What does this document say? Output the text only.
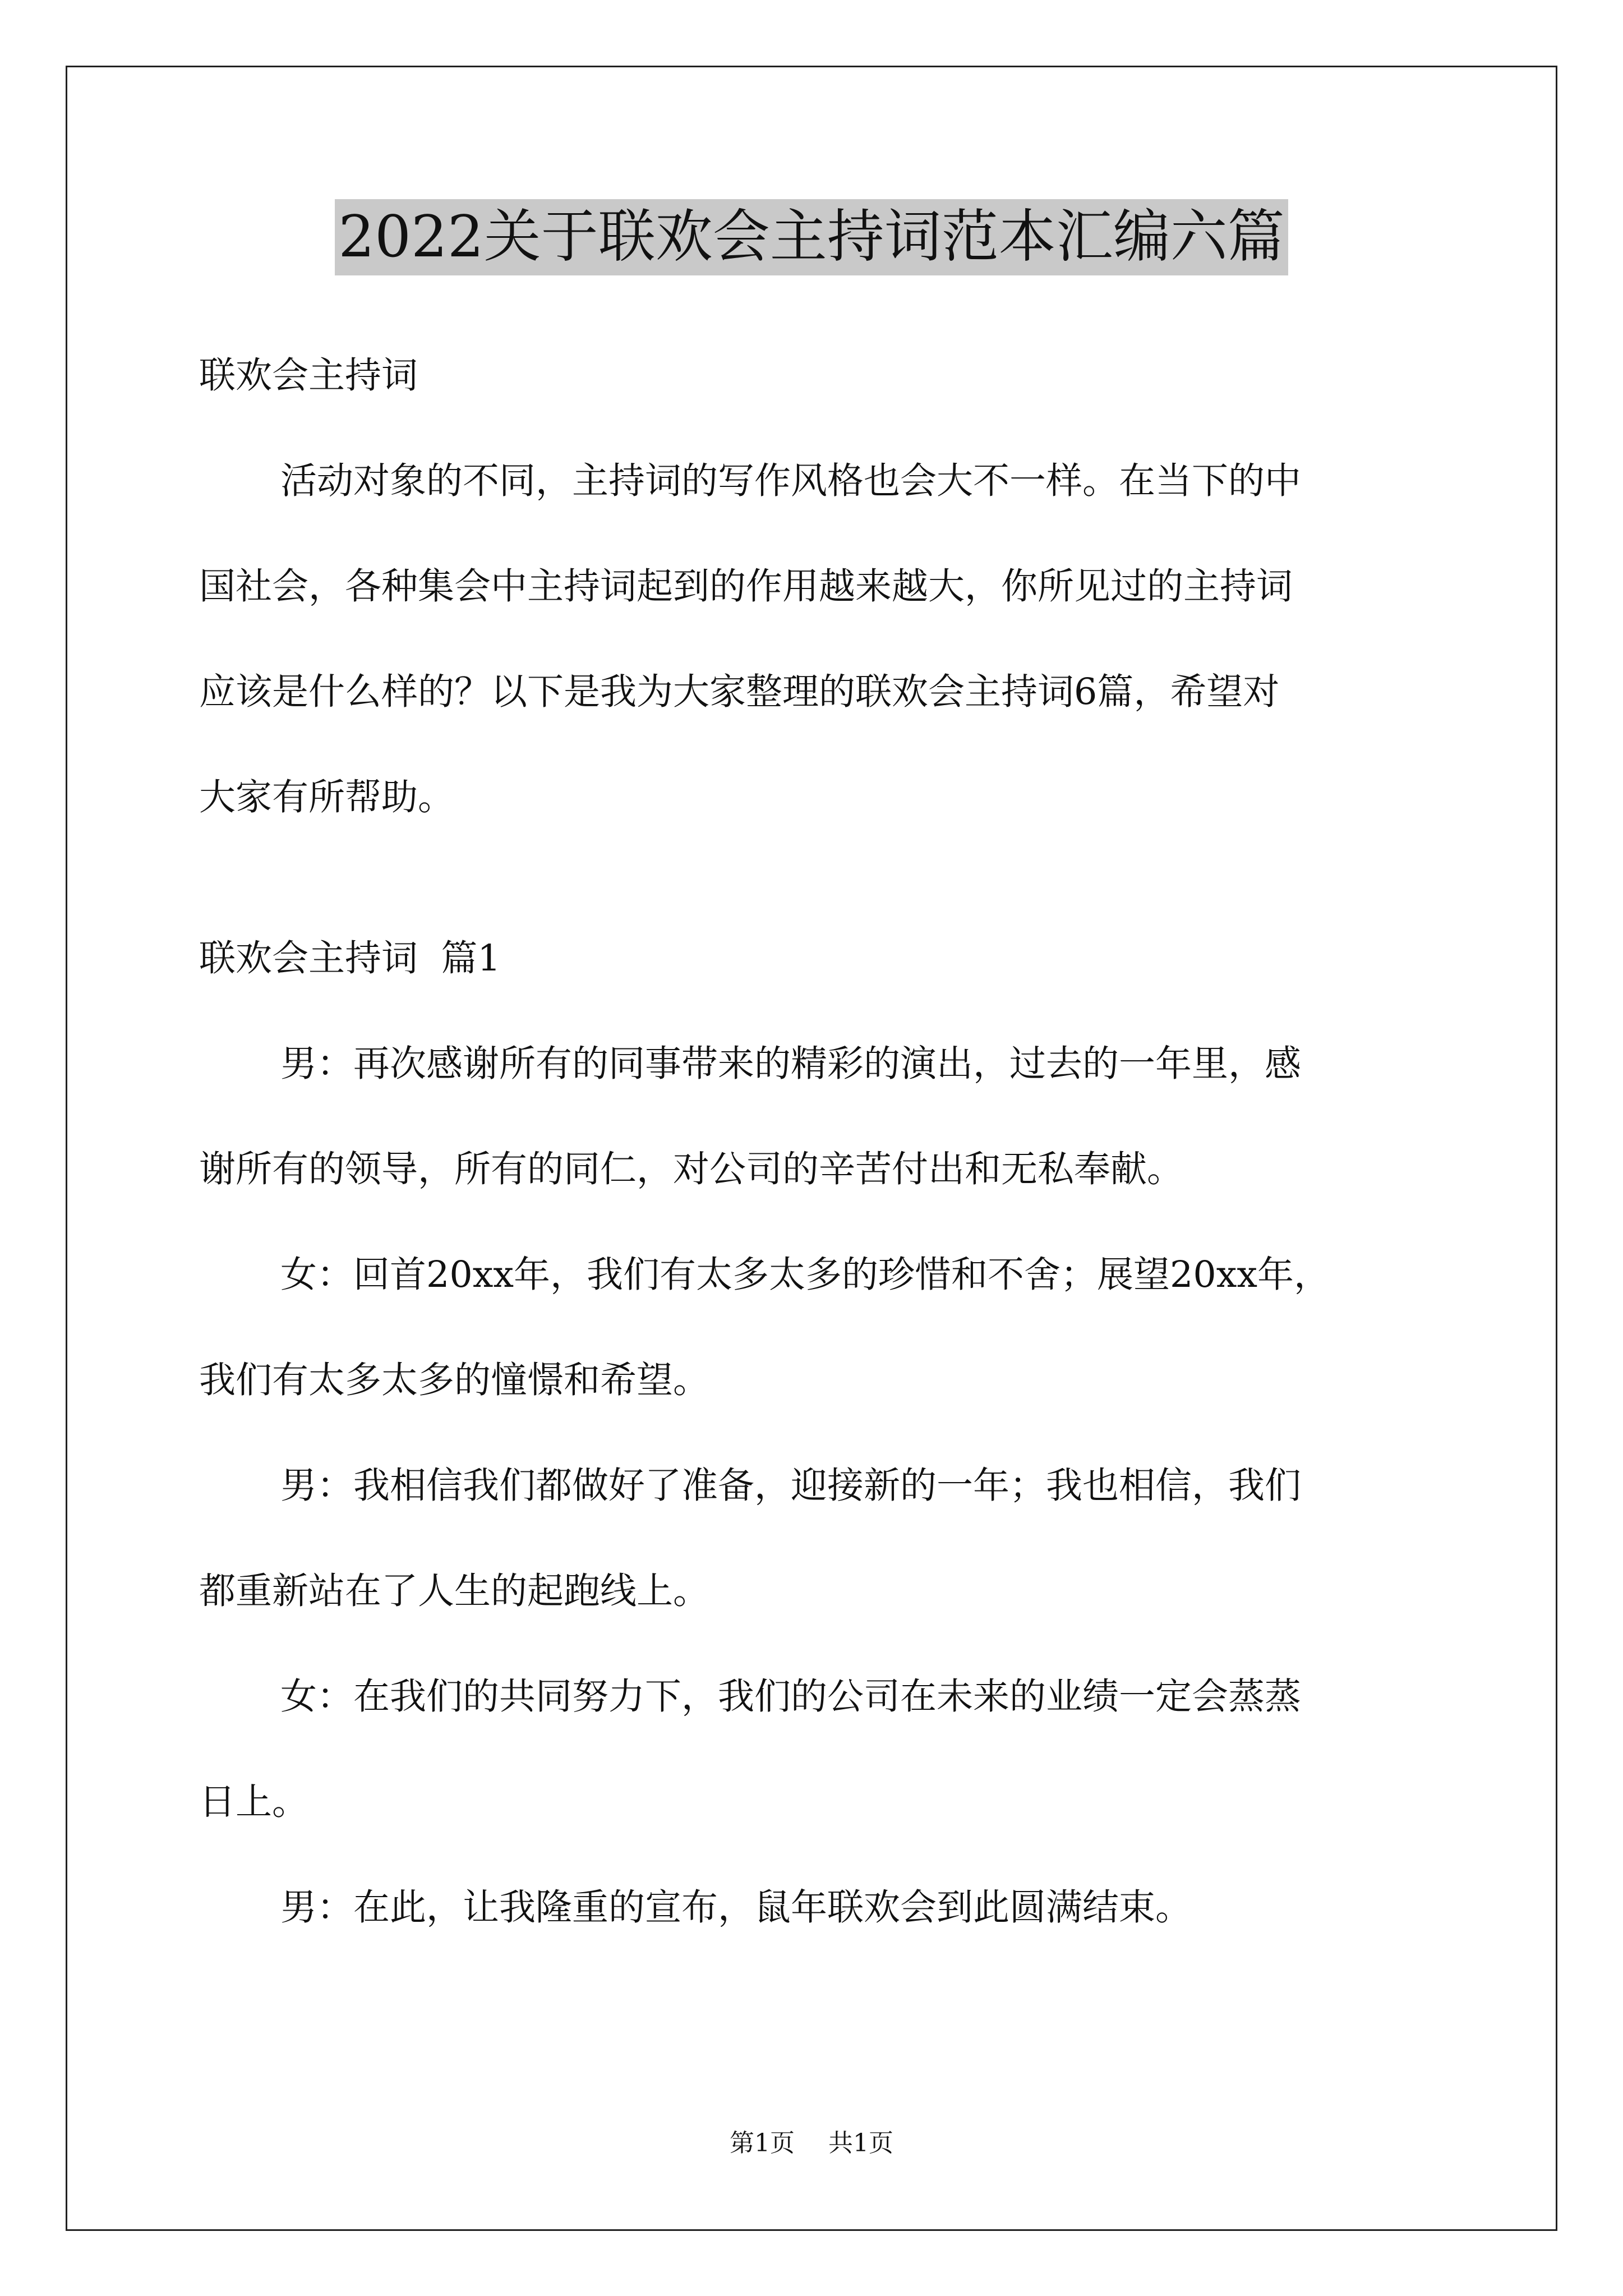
2022关于联欢会主持词范本汇编六篇
联欢会主持词
活动对象的不同，主持词的写作风格也会大不一样。在当下的中
国社会，各种集会中主持词起到的作用越来越大，你所见过的主持词
应该是什么样的？以下是我为大家整理的联欢会主持词6篇，希望对
大家有所帮助。
联欢会主持词  篇1
男：再次感谢所有的同事带来的精彩的演出，过去的一年里，感
谢所有的领导，所有的同仁，对公司的辛苦付出和无私奉献。
女：回首20xx年，我们有太多太多的珍惜和不舍；展望20xx年，
我们有太多太多的憧憬和希望。
男：我相信我们都做好了准备，迎接新的一年；我也相信，我们
都重新站在了人生的起跑线上。
女：在我们的共同努力下，我们的公司在未来的业绩一定会蒸蒸
日上。
男：在此，让我隆重的宣布，鼠年联欢会到此圆满结束。
第1页 共1页
